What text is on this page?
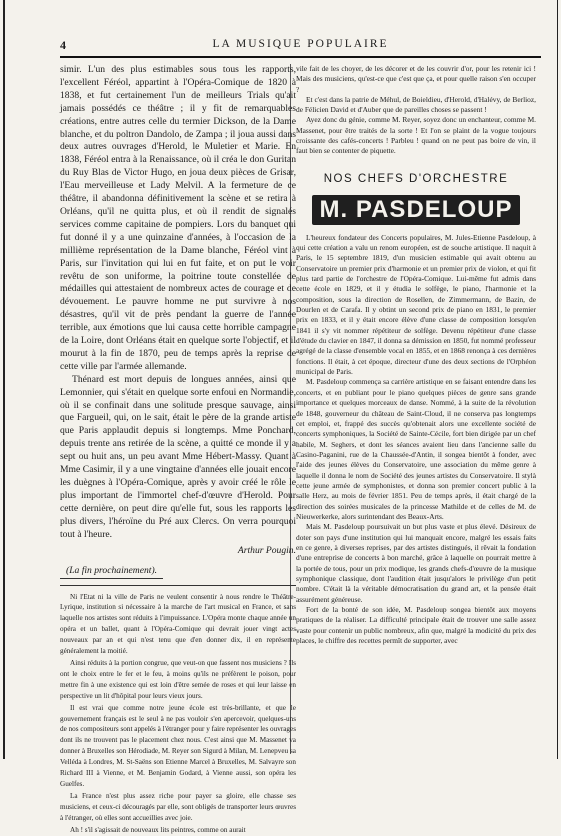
4	LA MUSIQUE POPULAIRE

simir. L'un des plus estimables sous tous les rapports, l'excellent Féréol, appartint à l'Opéra-Comique de 1820 à 1838, et fut certainement l'un de meilleurs Trials qu'ait jamais possédés ce théâtre ; il y fit de remarquables créations, entre autres celle du termier Dickson, de la Dame blanche, et du poltron Dandolo, de Zampa ; il joua aussi dans deux autres ouvrages d'Herold, le Muletier et Marie. En 1838, Féréol entra à la Renaissance, où il créa le don Guritan du Ruy Blas de Victor Hugo, en joua deux pièces de Grisar, l'Eau merveilleuse et Lady Melvil. A la fermeture de ce théâtre, il abandonna définitivement la scène et se retira à Orléans, qu'il ne quitta plus, et où il rendit de signalés services comme capitaine de pompiers. Lors du banquet qui fut donné il y a une quinzaine d'années, à l'occasion de la millième représentation de la Dame blanche, Féréol vint à Paris, sur l'invitation qui lui en fut faite, et on put le voir revêtu de son uniforme, la poitrine toute constellée de médailles qui attestaient de nombreux actes de courage et de dévouement. Le pauvre homme ne put survivre à nos désastres, qu'il vit de près pendant la guerre de l'année terrible, aux émotions que lui causa cette horrible campagne de la Loire, dont Orléans était en quelque sorte l'objectif, et il mourut à la fin de 1870, peu de temps après la reprise de cette ville par l'armée allemande.

Thénard est mort depuis de longues années, ainsi que Lemonnier, qui s'était en quelque sorte enfoui en Normandie, où il se confinait dans une solitude presque sauvage, ainsi que Fargueil, qui, on le sait, était le père de la grande artiste que Paris applaudit depuis si longtemps. Mme Ponchard, depuis trente ans retirée de la scène, a quitté ce monde il y a sept ou huit ans, un peu avant Mme Hébert-Massy. Quant à Mme Casimir, il y a une vingtaine d'années elle jouait encore les duègnes à l'Opéra-Comique, après y avoir créé le rôle le plus important de l'immortel chef-d'œuvre d'Herold. Pour cette dernière, on peut dire qu'elle fut, sous les rapports les plus divers, l'héroïne du Pré aux Clercs. On verra pourquoi tout à l'heure.

Arthur Pougin.
(La fin prochainement).

Ni l'Etat ni la ville de Paris ne veulent consentir à nous rendre le Théâtre-Lyrique, institution si nécessaire à la marche de l'art musical en France, et sans laquelle nos artistes sont réduits à l'impuissance. L'Opéra monte chaque année un opéra et un ballet, quant à l'Opéra-Comique qui devrait jouer vingt actes nouveaux par an et qui n'est tenu que d'en donner dix, il en représente généralement la moitié.

Ainsi réduits à la portion congrue, que veut-on que fassent nos musiciens ? Ils ont le choix entre le fer et le feu, à moins qu'ils ne préfèrent le poison, pour mettre fin à une existence qui est loin d'être semée de roses et qui leur laisse en perspective un lit d'hôpital pour leurs vieux jours.

Il est vrai que comme notre jeune école est très-brillante, et que le gouvernement français est le seul à ne pas vouloir s'en apercevoir, quelques-uns de nos compositeurs sont appelés à l'étranger pour y faire représenter les ouvrages dont ils ne trouvent pas le placement chez nous. C'est ainsi que M. Massenet va donner à Bruxelles son Hérodiade, M. Reyer son Sigurd à Milan, M. Lenepveu sa Velléda à Londres, M. St-Saëns son Etienne Marcel à Bruxelles, M. Salvayre son Richard III à Vienne, et M. Benjamin Godard, à Vienne aussi, son opéra les Guelfes.

La France n'est plus assez riche pour payer sa gloire, elle chasse ses musiciens, et ceux-ci découragés par elle, sont obligés de transporter leurs œuvres à l'étranger, où elles sont accueillies avec joie.

Ah ! s'il s'agissait de nouveaux lits peintres, comme on aurait

vile fait de les choyer, de les décorer et de les couvrir d'or, pour les retenir ici ! Mais des musiciens, qu'est-ce que c'est que ça, et pour quelle raison s'en occuper ?

Et c'est dans la patrie de Méhul, de Boieldieu, d'Herold, d'Halévy, de Berlioz, de Félicien David et d'Auber que de pareilles choses se passent !

Ayez donc du génie, comme M. Reyer, soyez donc un enchanteur, comme M. Massenet, pour être traités de la sorte ! Et l'on se plaint de la vogue toujours croissante des cafés-concerts ! Parbleu ! quand on ne peut pas boire de vin, il faut bien se contenter de piquette.

NOS CHEFS D'ORCHESTRE
M. PASDELOUP

L'heureux fondateur des Concerts populaires, M. Jules-Etienne Pasdeloup, à qui cette création a valu un renom européen, est de souche artistique. Il naquit à Paris, le 15 septembre 1819, d'un musicien estimable qui avait obtenu au Conservatoire un premier prix d'harmonie et un premier prix de violon, et qui fit plus tard partie de l'orchestre de l'Opéra-Comique. Lui-même fut admis dans cette école en 1829, et il y étudia le solfège, le piano, l'harmonie et la composition, sous la direction de Rosellen, de Zimmermann, de Bazin, de Dourlen et de Carafa. Il y obtint un second prix de piano en 1831, le premier prix en 1833, et il y était encore élève d'une classe de composition lorsqu'en 1841 il s'y vit nommer répétiteur de solfège. Devenu répétiteur d'une classe d'étude du clavier en 1847, il donna sa démission en 1850, fut nommé professeur agrégé de la classe d'ensemble vocal en 1855, et en 1868 renonça à ces dernières fonctions. Il était, à cet époque, directeur d'une des deux sections de l'Orphéon municipal de Paris.

M. Pasdeloup commença sa carrière artistique en se faisant entendre dans les concerts, et en publiant pour le piano quelques pièces de genre sans grande importance et quelques morceaux de danse. Nommé, à la suite de la révolution de 1848, gouverneur du château de Saint-Cloud, il ne conserva pas longtemps cet emploi, et, frappé des succès qu'obtenait alors une excellente société de concerts symphoniques, la Société de Sainte-Cécile, fort bien dirigée par un chef habile, M. Seghers, et dont les séances avaient lieu dans l'ancienne salle du Casino-Paganini, rue de la Chaussée-d'Antin, il songea bientôt à fonder, avec l'aide des jeunes élèves du Conservatoire, une association du même genre à laquelle il donna le nom de Société des jeunes artistes du Conservatoire. Il stylà cette jeune armée de symphonistes, et donna son premier concert public à la salle Herz, au mois de février 1851. Peu de temps après, il était chargé de la direction des soirées musicales de la princesse Mathilde et de celles de M. de Nieuwerkerke, alors surintendant des Beaux-Arts.

Mais M. Pasdeloup poursuivait un but plus vaste et plus élevé. Désireux de doter son pays d'une institution qui lui manquait encore, malgré les essais faits en ce genre, à diverses reprises, par des artistes distingués, il rêvait la fondation d'une entreprise de concerts à bon marché, grâce à laquelle on pourrait mettre à la portée de tous, pour un prix modique, les grands chefs-d'œuvre de la musique symphonique classique, dont l'audition était jusqu'alors le privilège d'un petit nombre. C'était là la véritable démocratisation du grand art, et la pensée était assurément généreuse.

Fort de la bonté de son idée, M. Pasdeloup songea bientôt aux moyens pratiques de la réaliser. La difficulté principale était de trouver une salle assez vaste pour contenir un public nombreux, afin que, malgré la modicité du prix des places, le chiffre des recettes permît de supporter, avec
